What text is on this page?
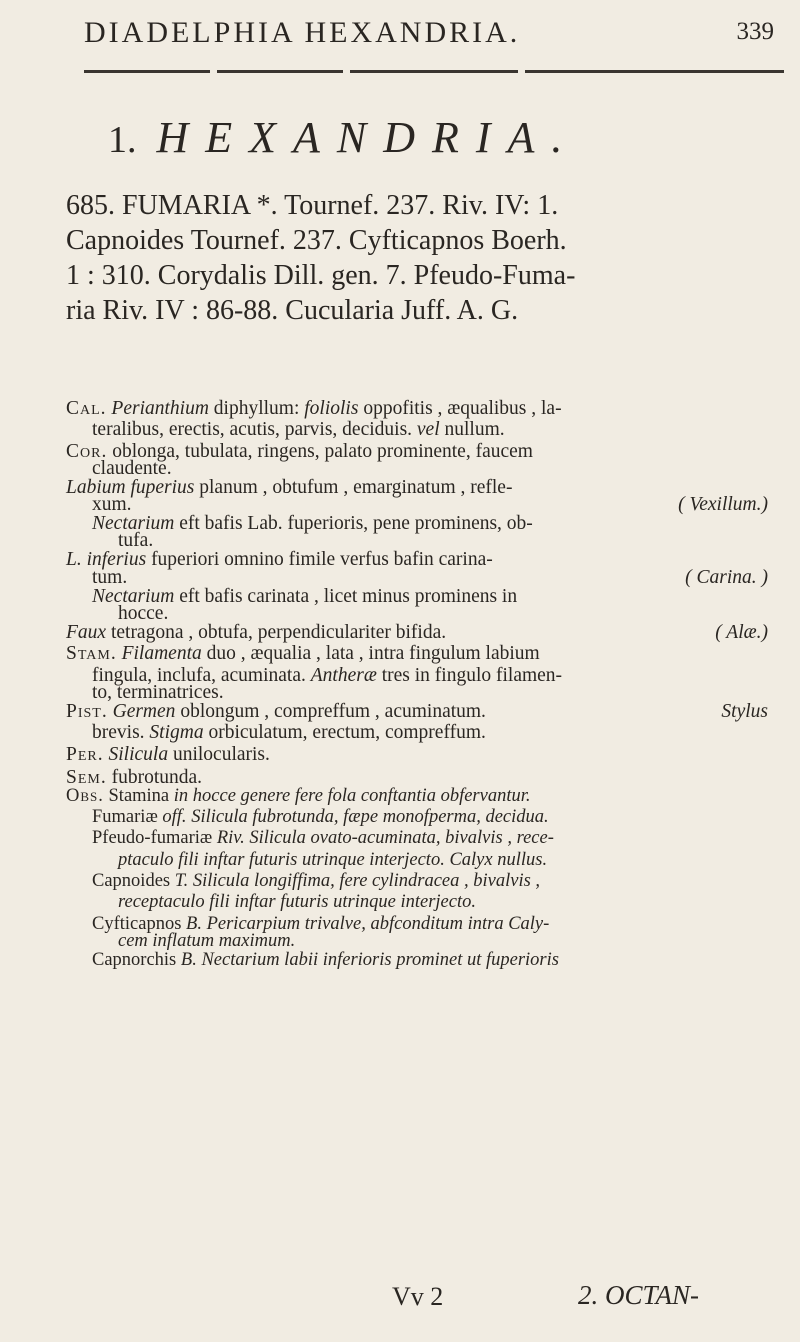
DIADELPHIA HEXANDRIA.	339
1. HEXANDRIA.

685. FUMARIA *. Tournef. 237. Riv. IV: 1.

Capnoides Tournef. 237. Cyfticapnos Boerh.

1 : 310. Corydalis Dill. gen. 7. Pfeudo-Fuma-

ria Riv. IV : 86-88. Cucularia Juff. A. G.

Cal. Perianthium diphyllum: foliolis oppofitis , æqualibus , la-
teralibus, erectis, acutis, parvis, deciduis. vel nullum.
Cor. oblonga, tubulata, ringens, palato prominente, faucem
claudente.
Labium fuperius planum , obtufum , emarginatum , refle-
xum.	( Vexillum.)
Nectarium eft bafis Lab. fuperioris, pene prominens, ob-
tufa.
L. inferius fuperiori omnino fimile verfus bafin carina-
tum.	( Carina. )
Nectarium eft bafis carinata , licet minus prominens in
hocce.
Faux tetragona , obtufa, perpendiculariter bifida.	( Alæ.)
Stam. Filamenta duo , æqualia , lata , intra fingulum labium
fingula, inclufa, acuminata. Antheræ tres in fingulo filamen-
to, terminatrices.
Pist. Germen oblongum , compreffum , acuminatum.	Stylus
brevis. Stigma orbiculatum, erectum, compreffum.
Per. Silicula unilocularis.
Sem. fubrotunda.
Obs. Stamina in hocce genere fere fola conftantia obfervantur.
Fumariæ off. Silicula fubrotunda, fæpe monofperma, decidua.
Pfeudo-fumariæ Riv. Silicula ovato-acuminata, bivalvis , rece-
ptaculo fili inftar futuris utrinque interjecto. Calyx nullus.
Capnoides T. Silicula longiffima, fere cylindracea , bivalvis ,
receptaculo fili inftar futuris utrinque interjecto.
Cyfticapnos B. Pericarpium trivalve, abfconditum intra Caly-
cem inflatum maximum.
Capnorchis B. Nectarium labii inferioris prominet ut fuperioris
Vv 2	2. OCTAN-
